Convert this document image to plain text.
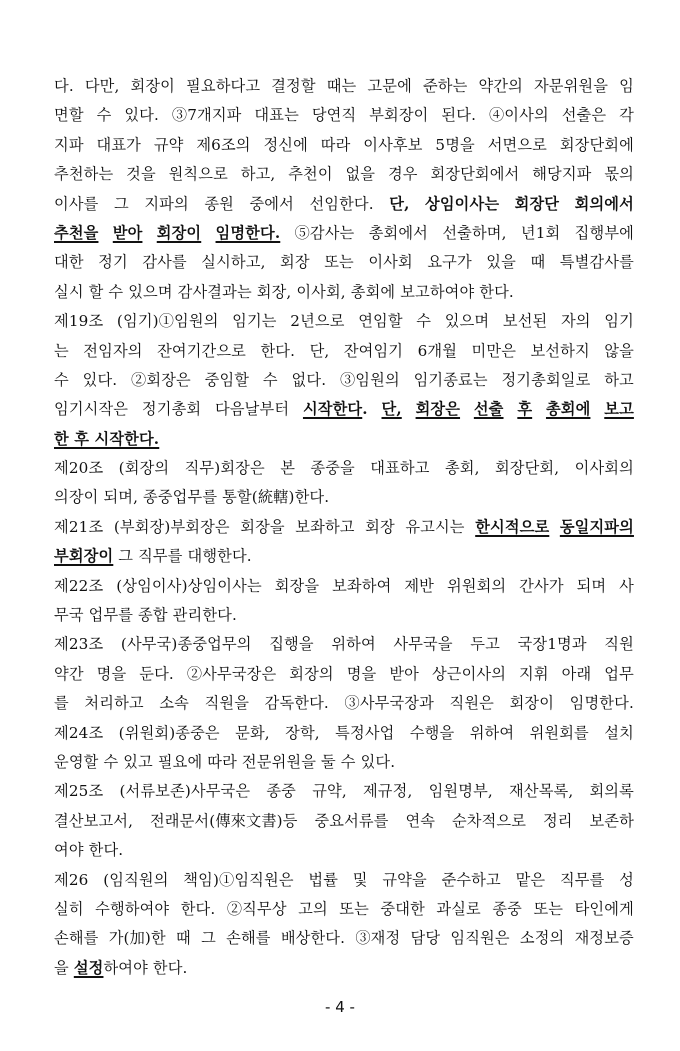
다. 다만, 회장이 필요하다고 결정할 때는 고문에 준하는 약간의 자문위원을 임
면할 수 있다. ③7개지파 대표는 당연직 부회장이 된다. ④이사의 선출은 각
지파 대표가 규약 제6조의 정신에 따라 이사후보 5명을 서면으로 회장단회에
추천하는 것을 원칙으로 하고, 추천이 없을 경우 회장단회에서 해당지파 몫의
이사를 그 지파의 종원 중에서 선임한다. 단, 상임이사는 회장단 회의에서
추천을 받아 회장이 임명한다. ⑤감사는 총회에서 선출하며, 년1회 집행부에
대한 정기 감사를 실시하고, 회장 또는 이사회 요구가 있을 때 특별감사를
실시 할 수 있으며 감사결과는 회장, 이사회, 총회에 보고하여야 한다.
제19조 (임기)①임원의 임기는 2년으로 연임할 수 있으며 보선된 자의 임기
는 전임자의 잔여기간으로 한다. 단, 잔여임기 6개월 미만은 보선하지 않을
수 있다. ②회장은 중임할 수 없다. ③임원의 임기종료는 정기총회일로 하고
임기시작은 정기총회 다음날부터 시작한다. 단, 회장은 선출 후 총회에 보고
한 후 시작한다.
제20조 (회장의 직무)회장은 본 종중을 대표하고 총회, 회장단회, 이사회의
의장이 되며, 종중업무를 통할(統轄)한다.
제21조 (부회장)부회장은 회장을 보좌하고 회장 유고시는 한시적으로 동일지파의
부회장이 그 직무를 대행한다.
제22조 (상임이사)상임이사는 회장을 보좌하여 제반 위원회의 간사가 되며 사
무국 업무를 종합 관리한다.
제23조 (사무국)종중업무의 집행을 위하여 사무국을 두고 국장1명과 직원
약간 명을 둔다. ②사무국장은 회장의 명을 받아 상근이사의 지휘 아래 업무
를 처리하고 소속 직원을 감독한다. ③사무국장과 직원은 회장이 임명한다.
제24조 (위원회)종중은 문화, 장학, 특정사업 수행을 위하여 위원회를 설치
운영할 수 있고 필요에 따라 전문위원을 둘 수 있다.
제25조 (서류보존)사무국은 종중 규약, 제규정, 임원명부, 재산목록, 회의록
결산보고서, 전래문서(傳來文書)등 중요서류를 연속 순차적으로 정리 보존하
여야 한다.
제26 (임직원의 책임)①임직원은 법률 및 규약을 준수하고 맡은 직무를 성
실히 수행하여야 한다. ②직무상 고의 또는 중대한 과실로 종중 또는 타인에게
손해를 가(加)한 때 그 손해를 배상한다. ③재정 담당 임직원은 소정의 재정보증
을 설정 하여야 한다.
- 4 -
